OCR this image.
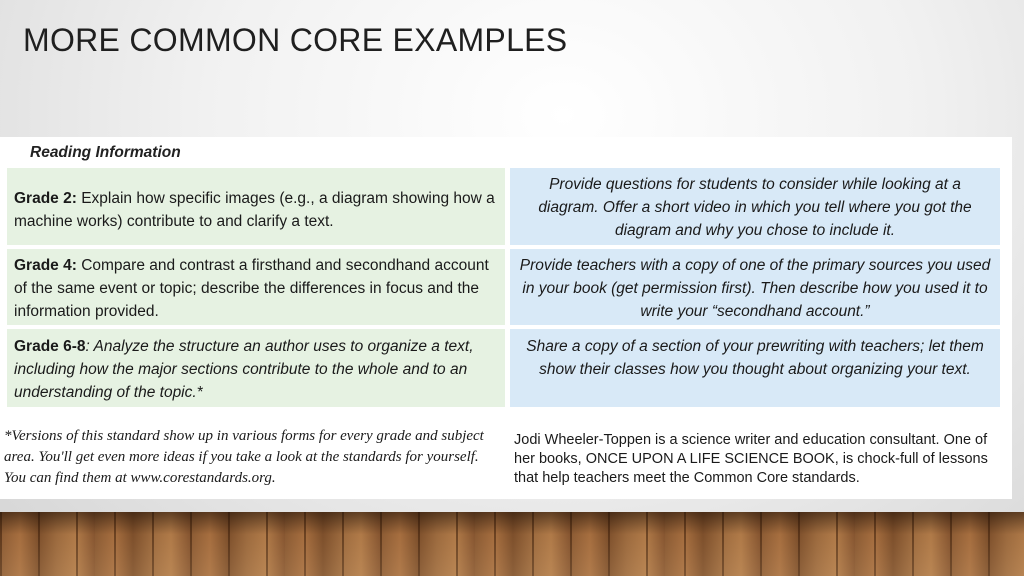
MORE COMMON CORE EXAMPLES
Reading Information
Grade 2: Explain how specific images (e.g., a diagram showing how a machine works) contribute to and clarify a text.
Provide questions for students to consider while looking at a diagram. Offer a short video in which you tell where you got the diagram and why you chose to include it.
Grade 4: Compare and contrast a firsthand and secondhand account of the same event or topic; describe the differences in focus and the information provided.
Provide teachers with a copy of one of the primary sources you used in your book (get permission first). Then describe how you used it to write your “secondhand account.”
Grade 6-8: Analyze the structure an author uses to organize a text, including how the major sections contribute to the whole and to an understanding of the topic.*
Share a copy of a section of your prewriting with teachers; let them show their classes how you thought about organizing your text.
*Versions of this standard show up in various forms for every grade and subject area. You'll get even more ideas if you take a look at the standards for yourself. You can find them at www.corestandards.org.
Jodi Wheeler-Toppen is a science writer and education consultant. One of her books, ONCE UPON A LIFE SCIENCE BOOK, is chock-full of lessons that help teachers meet the Common Core standards.
